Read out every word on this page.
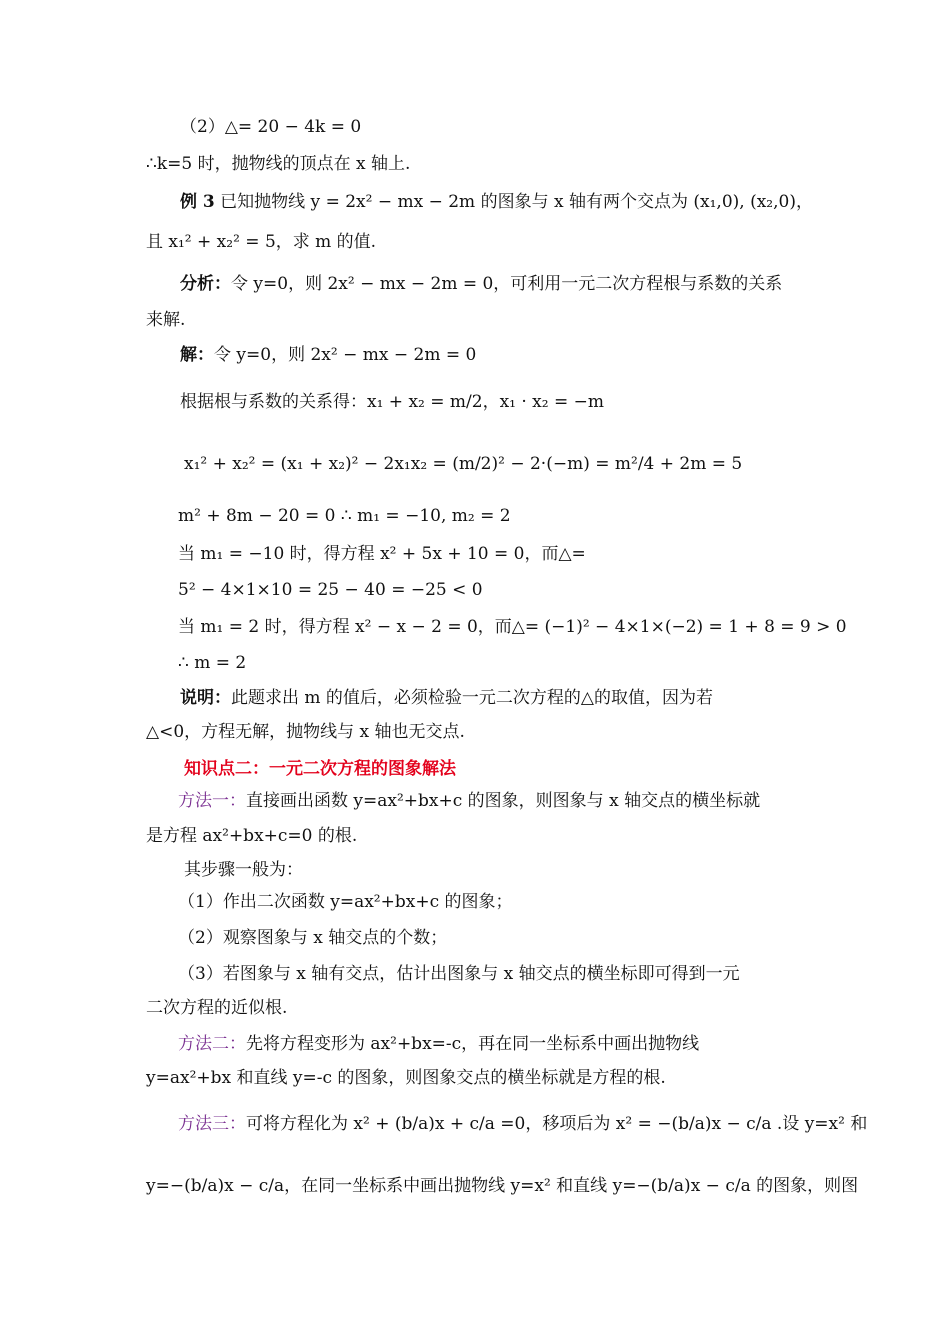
（2）△= 20 − 4k = 0
∴k=5 时，抛物线的顶点在 x 轴上.
例 3 已知抛物线 y = 2x² − mx − 2m 的图象与 x 轴有两个交点为 (x₁,0), (x₂,0)，
且 x₁² + x₂² = 5，求 m 的值.
分析：令 y=0，则 2x² − mx − 2m = 0，可利用一元二次方程根与系数的关系
来解.
解：令 y=0，则 2x² − mx − 2m = 0
根据根与系数的关系得：x₁ + x₂ = m/2，x₁ · x₂ = −m
x₁² + x₂² = (x₁ + x₂)² − 2x₁x₂ = (m/2)² − 2·(−m) = m²/4 + 2m = 5
m² + 8m − 20 = 0 ∴ m₁ = −10, m₂ = 2
当 m₁ = −10 时，得方程 x² + 5x + 10 = 0，而△=
5² − 4×1×10 = 25 − 40 = −25 < 0
当 m₁ = 2 时，得方程 x² − x − 2 = 0，而△= (−1)² − 4×1×(−2) = 1 + 8 = 9 > 0
∴ m = 2
说明：此题求出 m 的值后，必须检验一元二次方程的△的取值，因为若
△<0，方程无解，抛物线与 x 轴也无交点.
知识点二：一元二次方程的图象解法
方法一：直接画出函数 y=ax²+bx+c 的图象，则图象与 x 轴交点的横坐标就
是方程 ax²+bx+c=0 的根.
其步骤一般为：
（1）作出二次函数 y=ax²+bx+c 的图象；
（2）观察图象与 x 轴交点的个数；
（3）若图象与 x 轴有交点，估计出图象与 x 轴交点的横坐标即可得到一元
二次方程的近似根.
方法二：先将方程变形为 ax²+bx=-c，再在同一坐标系中画出抛物线
y=ax²+bx 和直线 y=-c 的图象，则图象交点的横坐标就是方程的根.
方法三：可将方程化为 x² + (b/a)x + c/a =0，移项后为 x² = −(b/a)x − c/a .设 y=x² 和
y=−(b/a)x − c/a，在同一坐标系中画出抛物线 y=x² 和直线 y=−(b/a)x − c/a 的图象，则图
